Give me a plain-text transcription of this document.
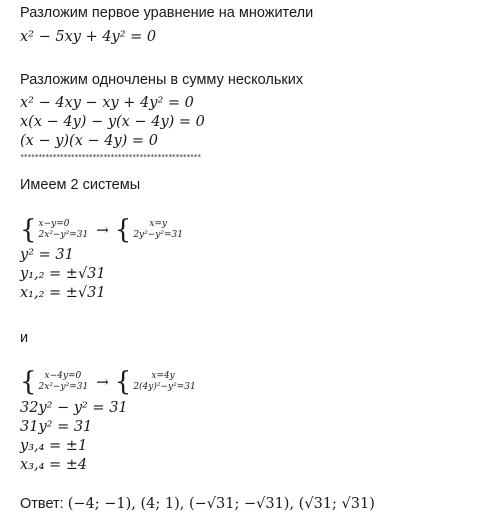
Разложим первое уравнение на множители
x² − 5xy + 4y² = 0
Разложим одночлены в сумму нескольких
x² − 4xy − xy + 4y² = 0
x(x − 4y) − y(x − 4y) = 0
(x − y)(x − 4y) = 0
**************************************************
Имеем 2 системы
{ x−y=0
2x²−y²=31 → {	x=y
2y²−y²=31
y² = 31
y₁,₂ = ±√31
x₁,₂ = ±√31
и
{ x−4y=0
2x²−y²=31 → {	x=4y
2(4y)²−y²=31
32y² − y² = 31
31y² = 31
y₃,₄ = ±1
x₃,₄ = ±4
Ответ: (−4; −1), (4; 1), (−√31; −√31), (√31; √31)
